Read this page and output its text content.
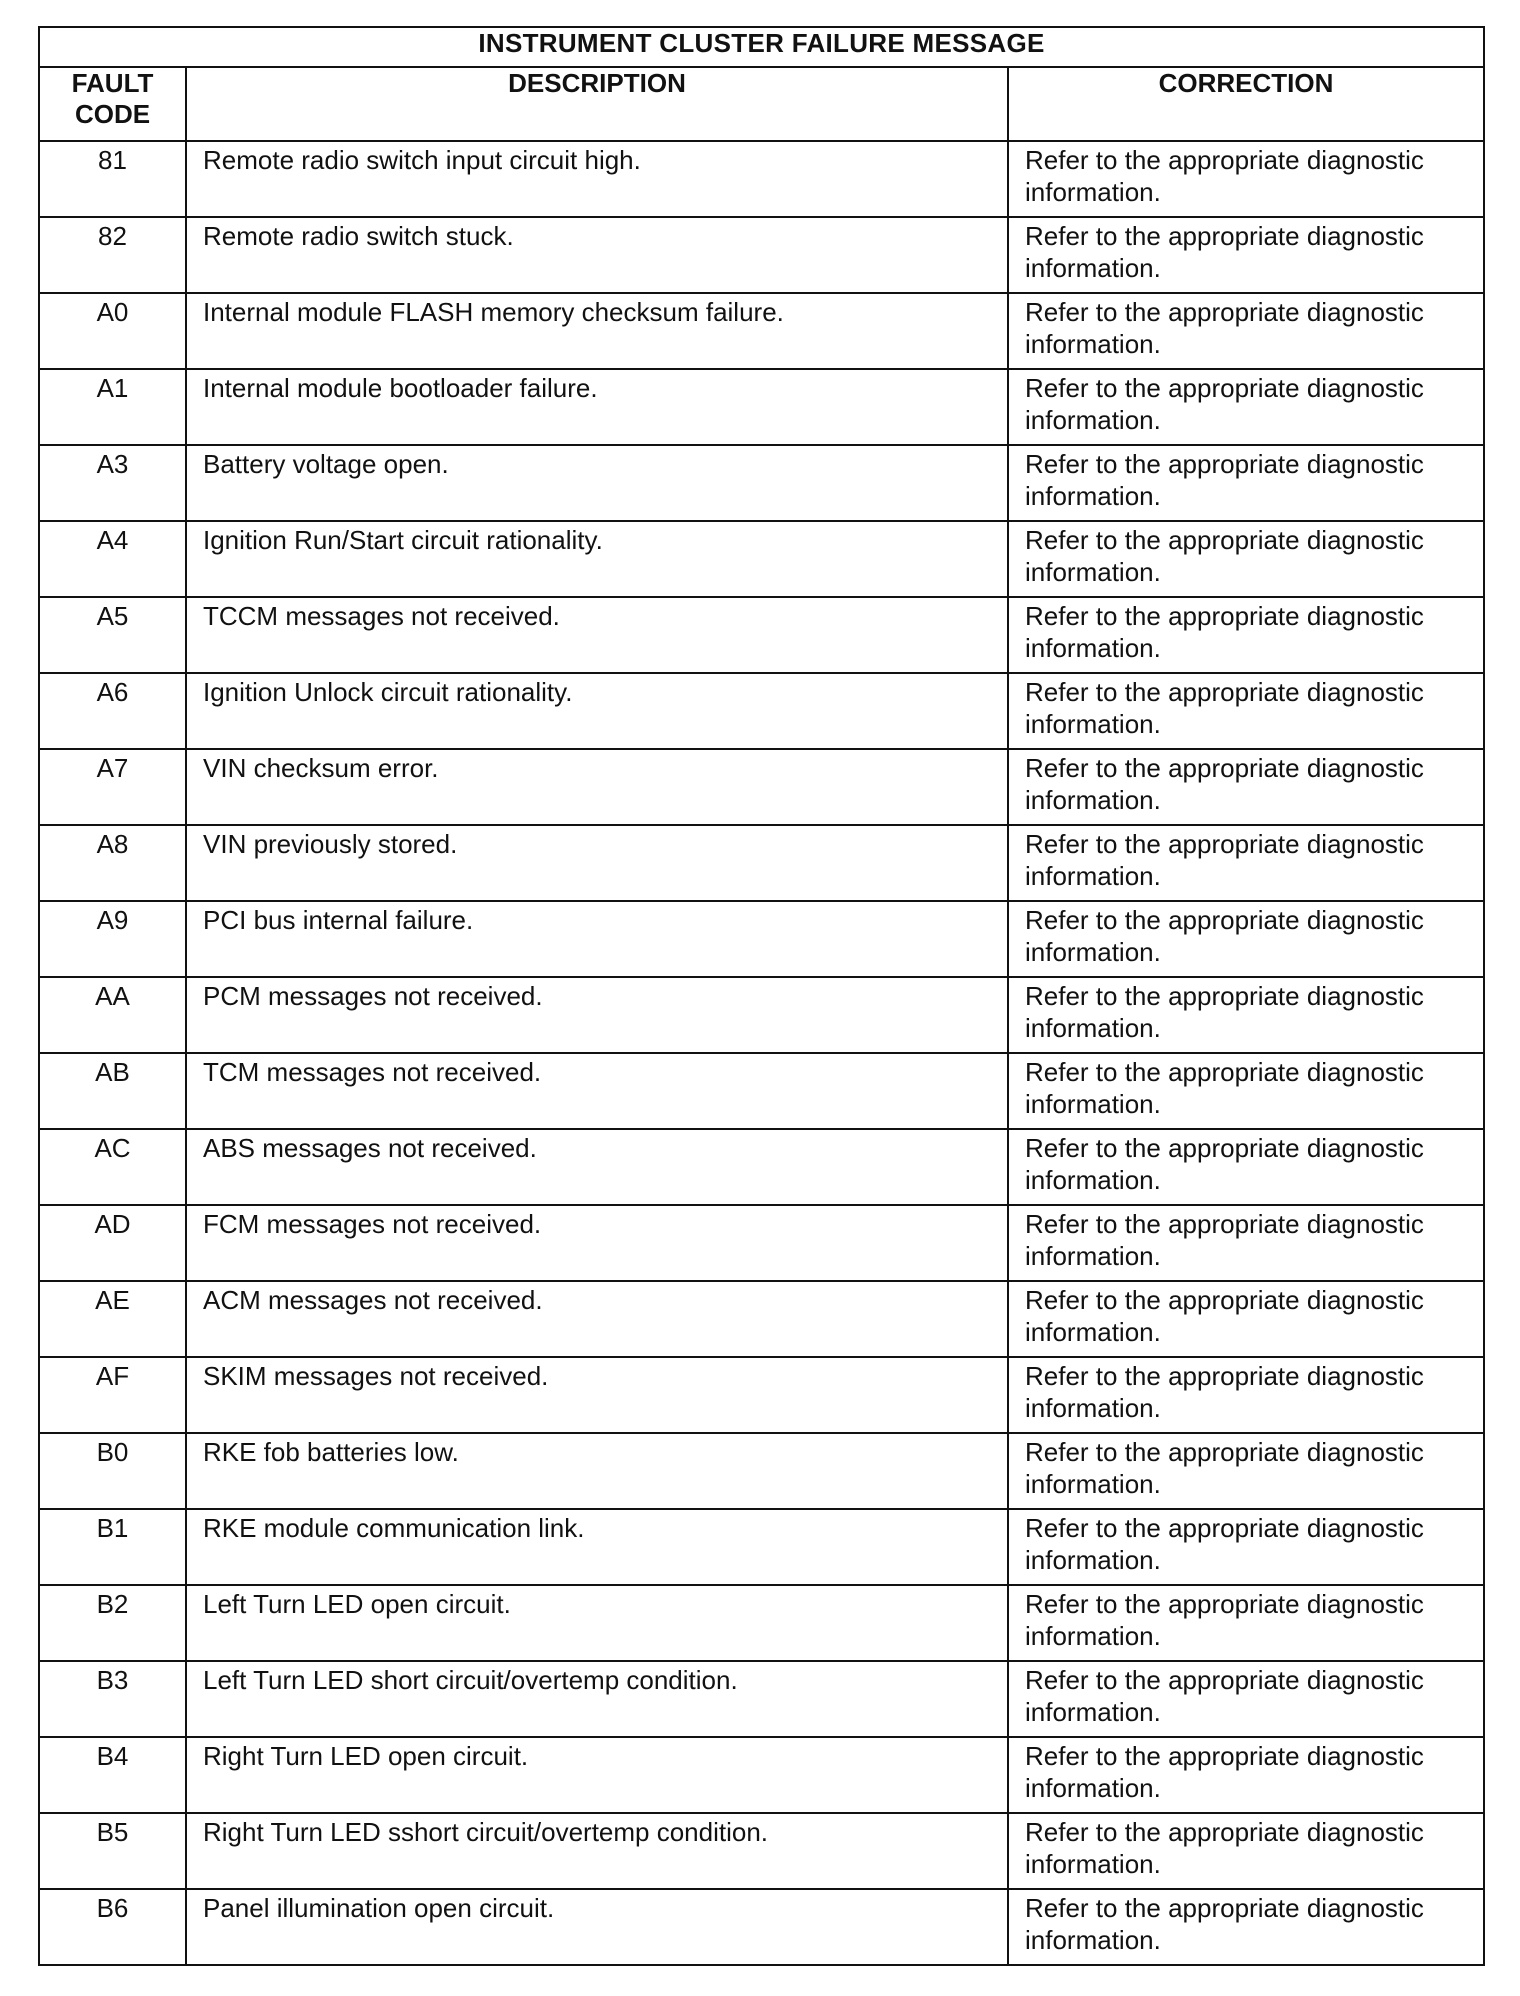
INSTRUMENT CLUSTER FAILURE MESSAGE		

FAULT
CODE	DESCRIPTION	CORRECTION
81	Remote radio switch input circuit high.	Refer to the appropriate diagnostic information.
82	Remote radio switch stuck.	Refer to the appropriate diagnostic information.
A0	Internal module FLASH memory checksum failure.	Refer to the appropriate diagnostic information.
A1	Internal module bootloader failure.	Refer to the appropriate diagnostic information.
A3	Battery voltage open.	Refer to the appropriate diagnostic information.
A4	Ignition Run/Start circuit rationality.	Refer to the appropriate diagnostic information.
A5	TCCM messages not received.	Refer to the appropriate diagnostic information.
A6	Ignition Unlock circuit rationality.	Refer to the appropriate diagnostic information.
A7	VIN checksum error.	Refer to the appropriate diagnostic information.
A8	VIN previously stored.	Refer to the appropriate diagnostic information.
A9	PCI bus internal failure.	Refer to the appropriate diagnostic information.
AA	PCM messages not received.	Refer to the appropriate diagnostic information.
AB	TCM messages not received.	Refer to the appropriate diagnostic information.
AC	ABS messages not received.	Refer to the appropriate diagnostic information.
AD	FCM messages not received.	Refer to the appropriate diagnostic information.
AE	ACM messages not received.	Refer to the appropriate diagnostic information.
AF	SKIM messages not received.	Refer to the appropriate diagnostic information.
B0	RKE fob batteries low.	Refer to the appropriate diagnostic information.
B1	RKE module communication link.	Refer to the appropriate diagnostic information.
B2	Left Turn LED open circuit.	Refer to the appropriate diagnostic information.
B3	Left Turn LED short circuit/overtemp condition.	Refer to the appropriate diagnostic information.
B4	Right Turn LED open circuit.	Refer to the appropriate diagnostic information.
B5	Right Turn LED sshort circuit/overtemp condition.	Refer to the appropriate diagnostic information.
B6	Panel illumination open circuit.	Refer to the appropriate diagnostic information.
